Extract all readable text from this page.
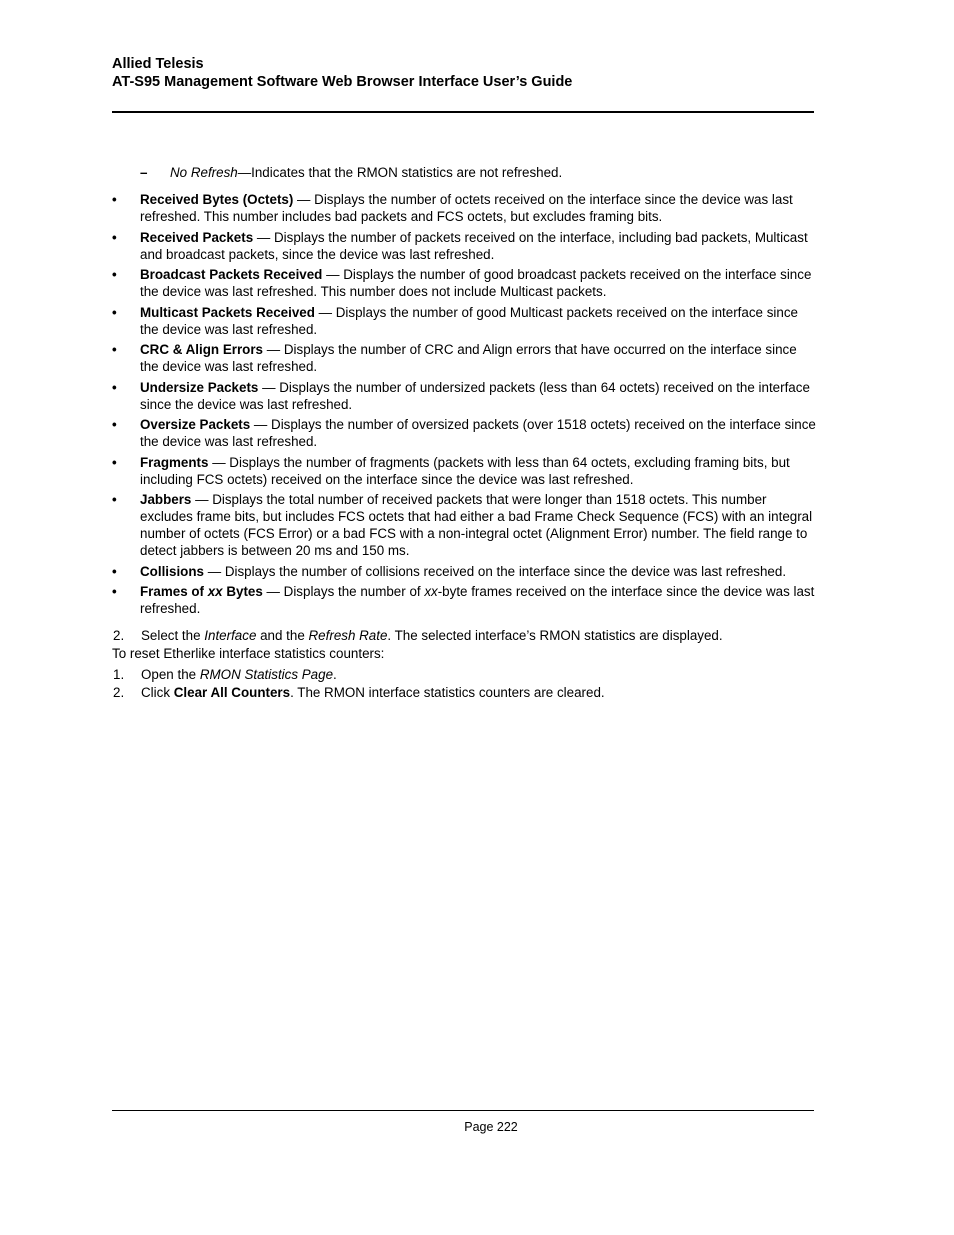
Allied Telesis

AT-S95 Management Software Web Browser Interface User’s Guide

– No Refresh—Indicates that the RMON statistics are not refreshed.
• Received Bytes (Octets) — Displays the number of octets received on the interface since the device was last refreshed. This number includes bad packets and FCS octets, but excludes framing bits.
• Received Packets — Displays the number of packets received on the interface, including bad packets, Multicast and broadcast packets, since the device was last refreshed.
• Broadcast Packets Received — Displays the number of good broadcast packets received on the interface since the device was last refreshed. This number does not include Multicast packets.
• Multicast Packets Received — Displays the number of good Multicast packets received on the interface since the device was last refreshed.
• CRC & Align Errors — Displays the number of CRC and Align errors that have occurred on the interface since the device was last refreshed.
• Undersize Packets — Displays the number of undersized packets (less than 64 octets) received on the interface since the device was last refreshed.
• Oversize Packets — Displays the number of oversized packets (over 1518 octets) received on the interface since the device was last refreshed.
• Fragments — Displays the number of fragments (packets with less than 64 octets, excluding framing bits, but including FCS octets) received on the interface since the device was last refreshed.
• Jabbers — Displays the total number of received packets that were longer than 1518 octets. This number excludes frame bits, but includes FCS octets that had either a bad Frame Check Sequence (FCS) with an integral number of octets (FCS Error) or a bad FCS with a non-integral octet (Alignment Error) number. The field range to detect jabbers is between 20 ms and 150 ms.
• Collisions — Displays the number of collisions received on the interface since the device was last refreshed.
• Frames of xx Bytes — Displays the number of xx-byte frames received on the interface since the device was last refreshed.
2. Select the Interface and the Refresh Rate. The selected interface’s RMON statistics are displayed.
To reset Etherlike interface statistics counters:
1. Open the RMON Statistics Page.
2. Click Clear All Counters. The RMON interface statistics counters are cleared.
Page 222
